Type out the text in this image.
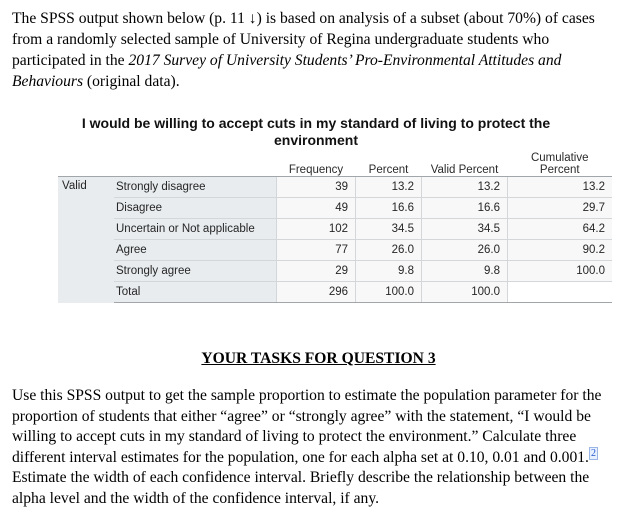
The SPSS output shown below (p. 11 ↓) is based on analysis of a subset (about 70%) of cases from a randomly selected sample of University of Regina undergraduate students who participated in the 2017 Survey of University Students’ Pro-Environmental Attitudes and Behaviours (original data).
I would be willing to accept cuts in my standard of living to protect the environment
		Frequency	Percent	Valid Percent	Cumulative
Percent

Valid	Strongly disagree	39	13.2	13.2	13.2
	Disagree	49	16.6	16.6	29.7
	Uncertain or Not applicable	102	34.5	34.5	64.2
	Agree	77	26.0	26.0	90.2
	Strongly agree	29	9.8	9.8	100.0
	Total	296	100.0	100.0	
YOUR TASKS FOR QUESTION 3
Use this SPSS output to get the sample proportion to estimate the population parameter for the proportion of students that either “agree” or “strongly agree” with the statement, “I would be willing to accept cuts in my standard of living to protect the environment.” Calculate three different interval estimates for the population, one for each alpha set at 0.10, 0.01 and 0.001. $^2$ Estimate the width of each confidence interval. Briefly describe the relationship between the alpha level and the width of the confidence interval, if any.
